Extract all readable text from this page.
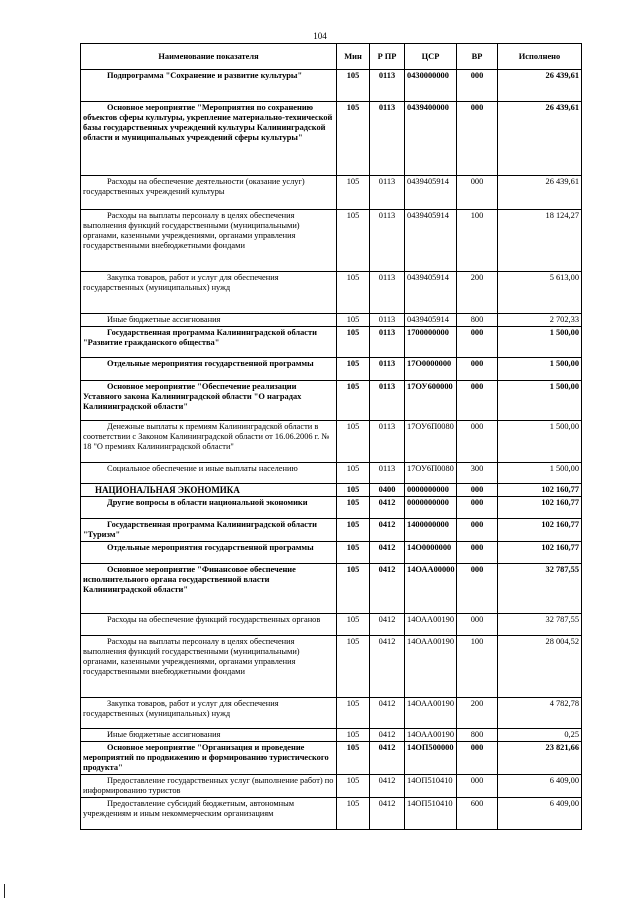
104
Наименование показателя	Мин	Р ПР	ЦСР	ВР	Исполнено
Подпрограмма "Сохранение и развитие культуры"	105	0113	0430000000	000	26 439,61
Основное мероприятие "Мероприятия по сохранению объектов сферы культуры, укрепление материально-технической базы государственных учреждений культуры Калининградской области и муниципальных учреждений сферы культуры"	105	0113	0439400000	000	26 439,61
Расходы на обеспечение деятельности (оказание услуг) государственных учреждений культуры	105	0113	0439405914	000	26 439,61
Расходы на выплаты персоналу в целях обеспечения выполнения функций государственными (муниципальными) органами, казенными учреждениями, органами управления государственными внебюджетными фондами	105	0113	0439405914	100	18 124,27
Закупка товаров, работ и услуг для обеспечения государственных (муниципальных) нужд	105	0113	0439405914	200	5 613,00
Иные бюджетные ассигнования	105	0113	0439405914	800	2 702,33
Государственная программа Калининградской области "Развитие гражданского общества"	105	0113	1700000000	000	1 500,00
Отдельные мероприятия государственной программы	105	0113	17О0000000	000	1 500,00
Основное мероприятие "Обеспечение реализации Уставного закона Калининградской области "О наградах Калининградской области"	105	0113	17ОУ600000	000	1 500,00
Денежные выплаты к премиям Калининградской области в соответствии с Законом Калининградской области от 16.06.2006 г. № 18 "О премиях Калининградской области"	105	0113	17ОУ6П0080	000	1 500,00
Социальное обеспечение и иные выплаты населению	105	0113	17ОУ6П0080	300	1 500,00
НАЦИОНАЛЬНАЯ ЭКОНОМИКА	105	0400	0000000000	000	102 160,77
Другие вопросы в области национальной экономики	105	0412	0000000000	000	102 160,77
Государственная программа Калининградской области "Туризм"	105	0412	1400000000	000	102 160,77
Отдельные мероприятия государственной программы	105	0412	14О0000000	000	102 160,77
Основное мероприятие "Финансовое обеспечение исполнительного органа государственной власти Калининградской области"	105	0412	14ОАА00000	000	32 787,55
Расходы на обеспечение функций государственных органов	105	0412	14ОАА00190	000	32 787,55
Расходы на выплаты персоналу в целях обеспечения выполнения функций государственными (муниципальными) органами, казенными учреждениями, органами управления государственными внебюджетными фондами	105	0412	14ОАА00190	100	28 004,52
Закупка товаров, работ и услуг для обеспечения государственных (муниципальных) нужд	105	0412	14ОАА00190	200	4 782,78
Иные бюджетные ассигнования	105	0412	14ОАА00190	800	0,25
Основное мероприятие "Организация и проведение мероприятий по продвижению и формированию туристического продукта"	105	0412	14ОП500000	000	23 821,66
Предоставление государственных услуг (выполнение работ) по информированию туристов	105	0412	14ОП510410	000	6 409,00
Предоставление субсидий бюджетным, автономным учреждениям и иным некоммерческим организациям	105	0412	14ОП510410	600	6 409,00
